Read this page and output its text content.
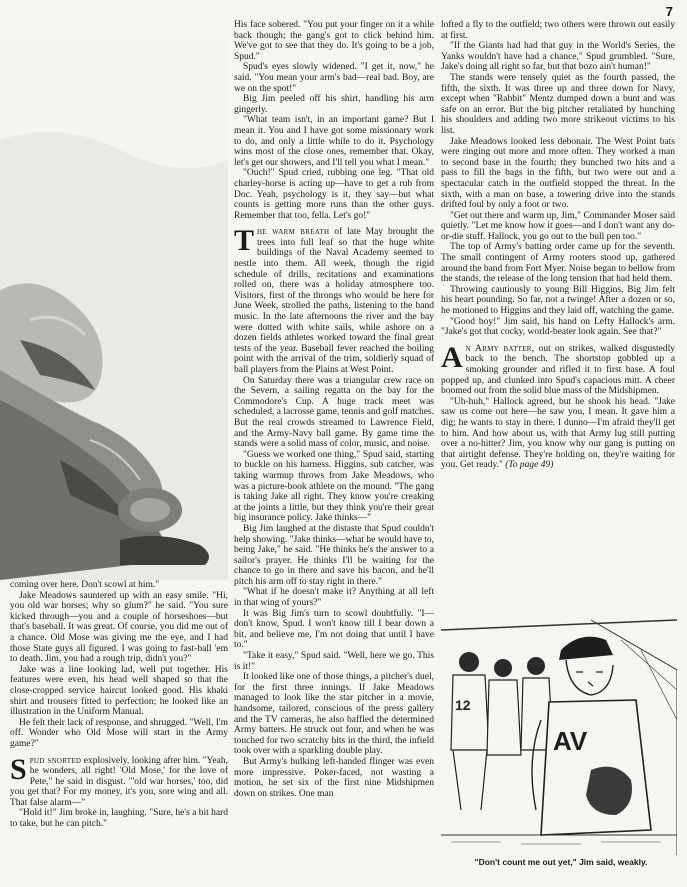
7

coming over here. Don't scowl at him."

Jake Meadows sauntered up with an easy smile. "Hi, you old war horses; why so glum?" he said. "You sure kicked through—you and a couple of horseshoes—but that's baseball. It was great. Of course, you did me out of a chance. Old Mose was giving me the eye, and I had those State guys all figured. I was going to fast-ball 'em to death. Jim, you had a rough trip, didn't you?"

Jake was a line looking lad, well put together. His features were even, his head well shaped so that the close-cropped service haircut looked good. His khaki shirt and trousers fitted to perfection; he looked like an illustration in the Uniform Manual.

He felt their lack of response, and shrugged. "Well, I'm off. Wonder who Old Mose will start in the Army game?"

Spud snorted explosively, looking after him. "Yeah, he wonders, all right! 'Old Mose,' for the love of Pete," he said in disgust. "'old war horses,' too, did you get that? For my money, it's you, sore wing and all. That false alarm—"

"Hold it!" Jim broke in, laughing. "Sure, he's a bit hard to take, but he can pitch."

His face sobered. "You put your finger on it a while back though; the gang's got to click behind him. We've got to see that they do. It's going to be a job, Spud."

Spud's eyes slowly widened. "I get it, now," he said. "You mean your arm's bad—real bad. Boy, are we on the spot!"

Big Jim peeled off his shirt, handling his arm gingerly.

"What team isn't, in an important game? But I mean it. You and I have got some missionary work to do, and only a little while to do it. Psychology wins most of the close ones, remember that. Okay, let's get our showers, and I'll tell you what I mean."

"Ouch!" Spud cried, rubbing one leg. "That old charley-horse is acting up—have to get a rub from Doc. Yeah, psychology is it, they say—but what counts is getting more runs than the other guys. Remember that too, fella. Let's go!"

The warm breath of late May brought the trees into full leaf so that the huge white buildings of the Naval Academy seemed to nestle into them. All week, though the rigid schedule of drills, recitations and examinations rolled on, there was a holiday atmosphere too. Visitors, first of the throngs who would be here for June Week, strolled the paths, listening to the band music. In the late afternoons the river and the bay were dotted with white sails, while ashore on a dozen fields athletes worked toward the final great tests of the year. Baseball fever reached the boiling point with the arrival of the trim, soldierly squad of ball players from the Plains at West Point.

On Saturday there was a triangular crew race on the Severn, a sailing regatta on the bay for the Commodore's Cup. A huge track meet was scheduled, a lacrosse game, tennis and golf matches. But the real crowds streamed to Lawrence Field, and the Army-Navy ball game. By game time the stands were a solid mass of color, music, and noise.

"Guess we worked one thing," Spud said, starting to buckle on his harness. Higgins, sub catcher, was taking warmup throws from Jake Meadows, who was a picture-book athlete on the mound. "The gang is taking Jake all right. They know you're creaking at the joints a little, but they think you're their great big insurance policy. Jake thinks—"

Big Jim laughed at the distaste that Spud couldn't help showing. "Jake thinks—what he would have to, being Jake," he said. "He thinks he's the answer to a sailor's prayer. He thinks I'll be waiting for the chance to go in there and save his bacon, and he'll pitch his arm off to stay right in there."

"What if he doesn't make it? Anything at all left in that wing of yours?"

It was Big Jim's turn to scowl doubtfully. "I—don't know, Spud. I won't know till I bear down a bit, and believe me, I'm not doing that until I have to."

"Take it easy," Spud said. "Well, here we go. This is it!"

It looked like one of those things, a pitcher's duel, for the first three innings. If Jake Meadows managed to look like the star pitcher in a movie, handsome, tailored, conscious of the press gallery and the TV cameras, he also baffled the determined Army batters. He struck out four, and when he was touched for two scratchy hits in the third, the infield took over with a sparkling double play.

But Army's hulking left-handed flinger was even more impressive. Poker-faced, not wasting a motion, he set six of the first nine Midshipmen down on strikes. One man

lofted a fly to the outfield; two others were thrown out easily at first.

"If the Giants had had that guy in the World's Series, the Yanks wouldn't have had a chance," Spud grumbled. "Sure, Jake's doing all right so far, but that bozo ain't human!"

The stands were tensely quiet as the fourth passed, the fifth, the sixth. It was three up and three down for Navy, except when "Rabbit" Mentz dumped down a bunt and was safe on an error. But the big pitcher retaliated by hunching his shoulders and adding two more strikeout victims to his list.

Jake Meadows looked less debonair. The West Point bats were ringing out more and more often. They worked a man to second base in the fourth; they bunched two hits and a pass to fill the bags in the fifth, but two were out and a spectacular catch in the outfield stopped the threat. In the sixth, with a man on base, a towering drive into the stands drifted foul by only a foot or two.

"Get out there and warm up, Jim," Commander Moser said quietly. "Let me know how it goes—and I don't want any do-or-die stuff. Hallock, you go out to the bull pen too."

The top of Army's batting order came up for the seventh. The small contingent of Army rooters stood up, gathered around the band from Fort Myer. Noise began to bellow from the stands, the release of the long tension that had held them.

Throwing cautiously to young Bill Higgins, Big Jim felt his heart pounding. So far, not a twinge! After a dozen or so, he motioned to Higgins and they laid off, watching the game.

"Good boy!" Jim said, his hand on Lefty Hallock's arm. "Jake's got that cocky, world-beater look again. See that?"

An Army batter, out on strikes, walked disgustedly back to the bench. The shortstop gobbled up a smoking grounder and rifled it to first base. A foul popped up, and clunked into Spud's capacious mitt. A cheer boomed out from the solid blue mass of the Midshipmen.

"Uh-huh," Hallock agreed, but he shook his head. "Jake saw us come out here—he saw you, I mean. It gave him a dig; he wants to stay in there. I dunno—I'm afraid they'll get to him. And how about us, with that Army lug still putting over a no-hitter? Jim, you know why our gang is putting on that airtight defense. They're holding on, they're waiting for you. Get ready." (To page 49)

12
AV

"Don't count me out yet," Jim said, weakly.
